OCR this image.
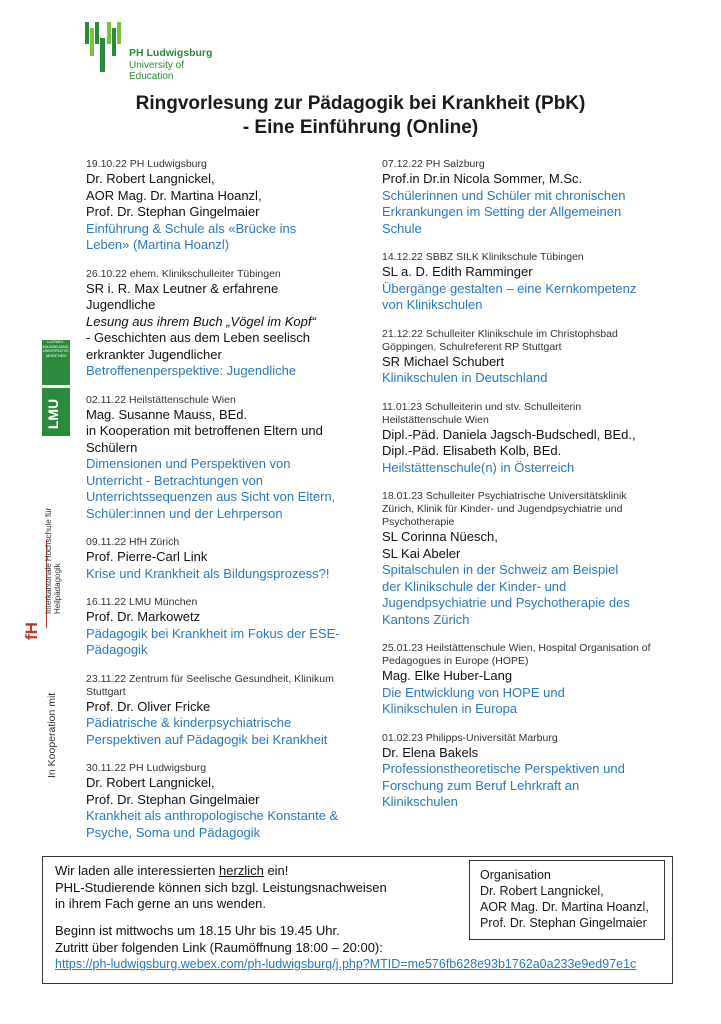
PH Ludwigsburg
University of Education
Ringvorlesung zur Pädagogik bei Krankheit (PbK)
- Eine Einführung (Online)
19.10.22 PH Ludwigsburg
Dr. Robert Langnickel,
AOR Mag. Dr. Martina Hoanzl,
Prof. Dr. Stephan Gingelmaier
Einführung & Schule als «Brücke ins
Leben» (Martina Hoanzl)
26.10.22 ehem. Klinikschulleiter Tübingen
SR i. R. Max Leutner & erfahrene
Jugendliche
Lesung aus ihrem Buch „Vögel im Kopf“
- Geschichten aus dem Leben seelisch
erkrankter Jugendlicher
Betroffenenperspektive: Jugendliche
02.11.22 Heilstättenschule Wien
Mag. Susanne Mauss, BEd.
in Kooperation mit betroffenen Eltern und
Schülern
Dimensionen und Perspektiven von
Unterricht - Betrachtungen von
Unterrichtssequenzen aus Sicht von Eltern,
Schüler:innen und der Lehrperson
09.11.22 HfH Zürich
Prof. Pierre-Carl Link
Krise und Krankheit als Bildungsprozess?!
16.11.22 LMU München
Prof. Dr. Markowetz
Pädagogik bei Krankheit im Fokus der ESE-
Pädagogik
23.11.22 Zentrum für Seelische Gesundheit, Klinikum Stuttgart
Prof. Dr. Oliver Fricke
Pädiatrische & kinderpsychiatrische
Perspektiven auf Pädagogik bei Krankheit
30.11.22 PH Ludwigsburg
Dr. Robert Langnickel,
Prof. Dr. Stephan Gingelmaier
Krankheit als anthropologische Konstante &
Psyche, Soma und Pädagogik
07.12.22 PH Salzburg
Prof.in Dr.in Nicola Sommer, M.Sc.
Schülerinnen und Schüler mit chronischen
Erkrankungen im Setting der Allgemeinen
Schule
14.12.22 SBBZ SILK Klinikschule Tübingen
SL a. D. Edith Ramminger
Übergänge gestalten – eine Kernkompetenz
von Klinikschulen
21.12.22 Schulleiter Klinikschule im Christophsbad Göppingen, Schulreferent RP Stuttgart
SR Michael Schubert
Klinikschulen in Deutschland
11.01.23 Schulleiterin und stv. Schulleiterin Heilstättenschule Wien
Dipl.-Päd. Daniela Jagsch-Budschedl, BEd.,
Dipl.-Päd. Elisabeth Kolb, BEd.
Heilstättenschule(n) in Österreich
18.01.23 Schulleiter Psychiatrische Universitätsklinik Zürich, Klinik für Kinder- und Jugendpsychiatrie und Psychotherapie
SL Corinna Nüesch,
SL Kai Abeler
Spitalschulen in der Schweiz am Beispiel
der Klinikschule der Kinder- und
Jugendpsychiatrie und Psychotherapie des
Kantons Zürich
25.01.23 Heilstättenschule Wien, Hospital Organisation of Pedagogues in Europe (HOPE)
Mag. Elke Huber-Lang
Die Entwicklung von HOPE und
Klinikschulen in Europa
01.02.23 Philipps-Universität Marburg
Dr. Elena Bakels
Professionstheoretische Perspektiven und
Forschung zum Beruf Lehrkraft an
Klinikschulen
LUDWIG-MAXIMILIANS-UNIVERSITÄT MÜNCHEN
LMU
Interkantonale Hochschule für Heilpädagogik
fH
In Kooperation mit
Wir laden alle interessierten herzlich ein!
PHL-Studierende können sich bzgl. Leistungsnachweisen
in ihrem Fach gerne an uns wenden.
Beginn ist mittwochs um 18.15 Uhr bis 19.45 Uhr.
Zutritt über folgenden Link (Raumöffnung 18:00 – 20:00):
https://ph-ludwigsburg.webex.com/ph-ludwigsburg/j.php?MTID=me576fb628e93b1762a0a233e9ed97e1c
Organisation
Dr. Robert Langnickel,
AOR Mag. Dr. Martina Hoanzl,
Prof. Dr. Stephan Gingelmaier
